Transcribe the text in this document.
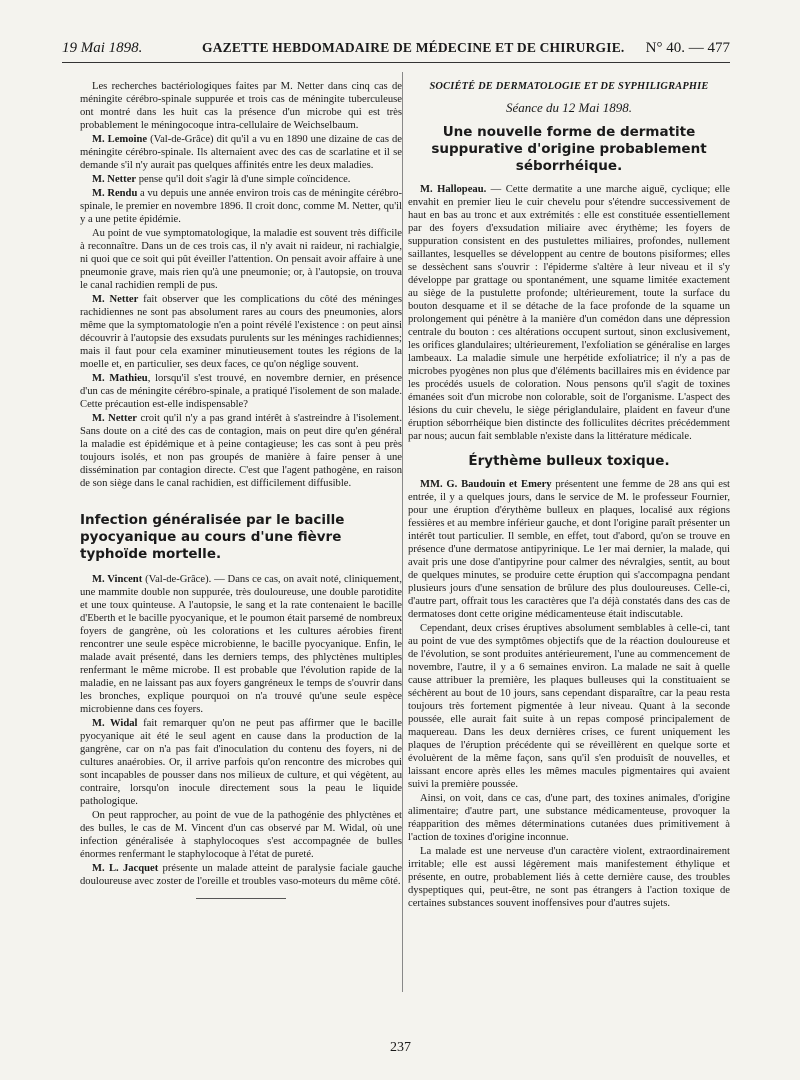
19 Mai 1898.	GAZETTE HEBDOMADAIRE DE MÉDECINE ET DE CHIRURGIE. N° 40. — 477

Les recherches bactériologiques faites par M. Netter dans cinq cas de méningite cérébro-spinale suppurée et trois cas de méningite tuberculeuse ont montré dans les huit cas la présence d'un microbe qui est très probablement le méningocoque intra-cellulaire de Weichselbaum.

M. Lemoine (Val-de-Grâce) dit qu'il a vu en 1890 une dizaine de cas de méningite cérébro-spinale. Ils alternaient avec des cas de scarlatine et il se demande s'il n'y aurait pas quelques affinités entre les deux maladies.

M. Netter pense qu'il doit s'agir là d'une simple coïncidence.

M. Rendu a vu depuis une année environ trois cas de méningite cérébro-spinale, le premier en novembre 1896. Il croit donc, comme M. Netter, qu'il y a une petite épidémie.

Au point de vue symptomatologique, la maladie est souvent très difficile à reconnaître. Dans un de ces trois cas, il n'y avait ni raideur, ni rachialgie, ni quoi que ce soit qui pût éveiller l'attention. On pensait avoir affaire à une pneumonie grave, mais rien qu'à une pneumonie; or, à l'autopsie, on trouva le canal rachidien rempli de pus.

M. Netter fait observer que les complications du côté des méninges rachidiennes ne sont pas absolument rares au cours des pneumonies, alors même que la symptomatologie n'en a point révélé l'existence : on peut ainsi découvrir à l'autopsie des exsudats purulents sur les méninges rachidiennes; mais il faut pour cela examiner minutieusement toutes les régions de la moelle et, en particulier, ses deux faces, ce qu'on néglige souvent.

M. Mathieu, lorsqu'il s'est trouvé, en novembre dernier, en présence d'un cas de méningite cérébro-spinale, a pratiqué l'isolement de son malade. Cette précaution est-elle indispensable?

M. Netter croit qu'il n'y a pas grand intérêt à s'astreindre à l'isolement. Sans doute on a cité des cas de contagion, mais on peut dire qu'en général la maladie est épidémique et à peine contagieuse; les cas sont à peu près toujours isolés, et non pas groupés de manière à faire penser à une dissémination par contagion directe. C'est que l'agent pathogène, en raison de son siège dans le canal rachidien, est difficilement diffusible.

Infection généralisée par le bacille pyocyanique au cours d'une fièvre typhoïde mortelle.

M. Vincent (Val-de-Grâce). — Dans ce cas, on avait noté, cliniquement, une mammite double non suppurée, très douloureuse, une double parotidite et une toux quinteuse. A l'autopsie, le sang et la rate contenaient le bacille d'Eberth et le bacille pyocyanique, et le poumon était parsemé de nombreux foyers de gangrène, où les colorations et les cultures aérobies firent rencontrer une seule espèce microbienne, le bacille pyocyanique. Enfin, le malade avait présenté, dans les derniers temps, des phlyctènes multiples renfermant le même microbe. Il est probable que l'évolution rapide de la maladie, en ne laissant pas aux foyers gangréneux le temps de s'ouvrir dans les bronches, explique pourquoi on n'a trouvé qu'une seule espèce microbienne dans ces foyers.

M. Widal fait remarquer qu'on ne peut pas affirmer que le bacille pyocyanique ait été le seul agent en cause dans la production de la gangrène, car on n'a pas fait d'inoculation du contenu des foyers, ni de cultures anaérobies. Or, il arrive parfois qu'on rencontre des microbes qui sont incapables de pousser dans nos milieux de culture, et qui végètent, au contraire, lorsqu'on inocule directement sous la peau le liquide pathologique.

On peut rapprocher, au point de vue de la pathogénie des phlyctènes et des bulles, le cas de M. Vincent d'un cas observé par M. Widal, où une infection généralisée à staphylocoques s'est accompagnée de bulles énormes renfermant le staphylocoque à l'état de pureté.

M. L. Jacquet présente un malade atteint de paralysie faciale gauche douloureuse avec zoster de l'oreille et troubles vaso-moteurs du même côté.

SOCIÉTÉ DE DERMATOLOGIE ET DE SYPHILIGRAPHIE
Séance du 12 Mai 1898.
Une nouvelle forme de dermatite suppurative d'origine probablement séborrhéique.

M. Hallopeau. — Cette dermatite a une marche aiguë, cyclique; elle envahit en premier lieu le cuir chevelu pour s'étendre successivement de haut en bas au tronc et aux extrémités : elle est constituée essentiellement par des foyers d'exsudation miliaire avec érythème; les foyers de suppuration consistent en des pustulettes miliaires, profondes, nullement saillantes, lesquelles se développent au centre de boutons pisiformes; elles se dessèchent sans s'ouvrir : l'épiderme s'altère à leur niveau et il s'y développe par grattage ou spontanément, une squame limitée exactement au siège de la pustulette profonde; ultérieurement, toute la surface du bouton desquame et il se détache de la face profonde de la squame un prolongement qui pénètre à la manière d'un comédon dans une dépression centrale du bouton : ces altérations occupent surtout, sinon exclusivement, les orifices glandulaires; ultérieurement, l'exfoliation se généralise en larges lambeaux. La maladie simule une herpétide exfoliatrice; il n'y a pas de microbes pyogènes non plus que d'éléments bacillaires mis en évidence par les procédés usuels de coloration. Nous pensons qu'il s'agit de toxines émanées soit d'un microbe non colorable, soit de l'organisme. L'aspect des lésions du cuir chevelu, le siège périglandulaire, plaident en faveur d'une éruption séborrhéique bien distincte des folliculites décrites précédemment par nous; aucun fait semblable n'existe dans la littérature médicale.

Érythème bulleux toxique.

MM. G. Baudouin et Emery présentent une femme de 28 ans qui est entrée, il y a quelques jours, dans le service de M. le professeur Fournier, pour une éruption d'érythème bulleux en plaques, localisé aux régions fessières et au membre inférieur gauche, et dont l'origine paraît présenter un intérêt tout particulier. Il semble, en effet, tout d'abord, qu'on se trouve en présence d'une dermatose antipyrinique. Le 1er mai dernier, la malade, qui avait pris une dose d'antipyrine pour calmer des névralgies, sentit, au bout de quelques minutes, se produire cette éruption qui s'accompagna pendant plusieurs jours d'une sensation de brûlure des plus douloureuses. Celle-ci, d'autre part, offrait tous les caractères que l'a déjà constatés dans des cas de dermatoses dont cette origine médicamenteuse était indiscutable.

Cependant, deux crises éruptives absolument semblables à celle-ci, tant au point de vue des symptômes objectifs que de la réaction douloureuse et de l'évolution, se sont produites antérieurement, l'une au commencement de novembre, l'autre, il y a 6 semaines environ. La malade ne sait à quelle cause attribuer la première, les plaques bulleuses qui la constituaient se séchèrent au bout de 10 jours, sans cependant disparaître, car la peau resta toujours très fortement pigmentée à leur niveau. Quant à la seconde poussée, elle aurait fait suite à un repas composé principalement de maquereau. Dans les deux dernières crises, ce furent uniquement les plaques de l'éruption précédente qui se réveillèrent en quelque sorte et évoluèrent de la même façon, sans qu'il s'en produisît de nouvelles, et laissant encore après elles les mêmes macules pigmentaires qui avaient suivi la première poussée.

Ainsi, on voit, dans ce cas, d'une part, des toxines animales, d'origine alimentaire; d'autre part, une substance médicamenteuse, provoquer la réapparition des mêmes déterminations cutanées dues primitivement à l'action de toxines d'origine inconnue.

La malade est une nerveuse d'un caractère violent, extraordinairement irritable; elle est aussi légèrement mais manifestement éthylique et présente, en outre, probablement liés à cette dernière cause, des troubles dyspeptiques qui, peut-être, ne sont pas étrangers à l'action toxique de certaines substances souvent inoffensives pour d'autres sujets.

237
